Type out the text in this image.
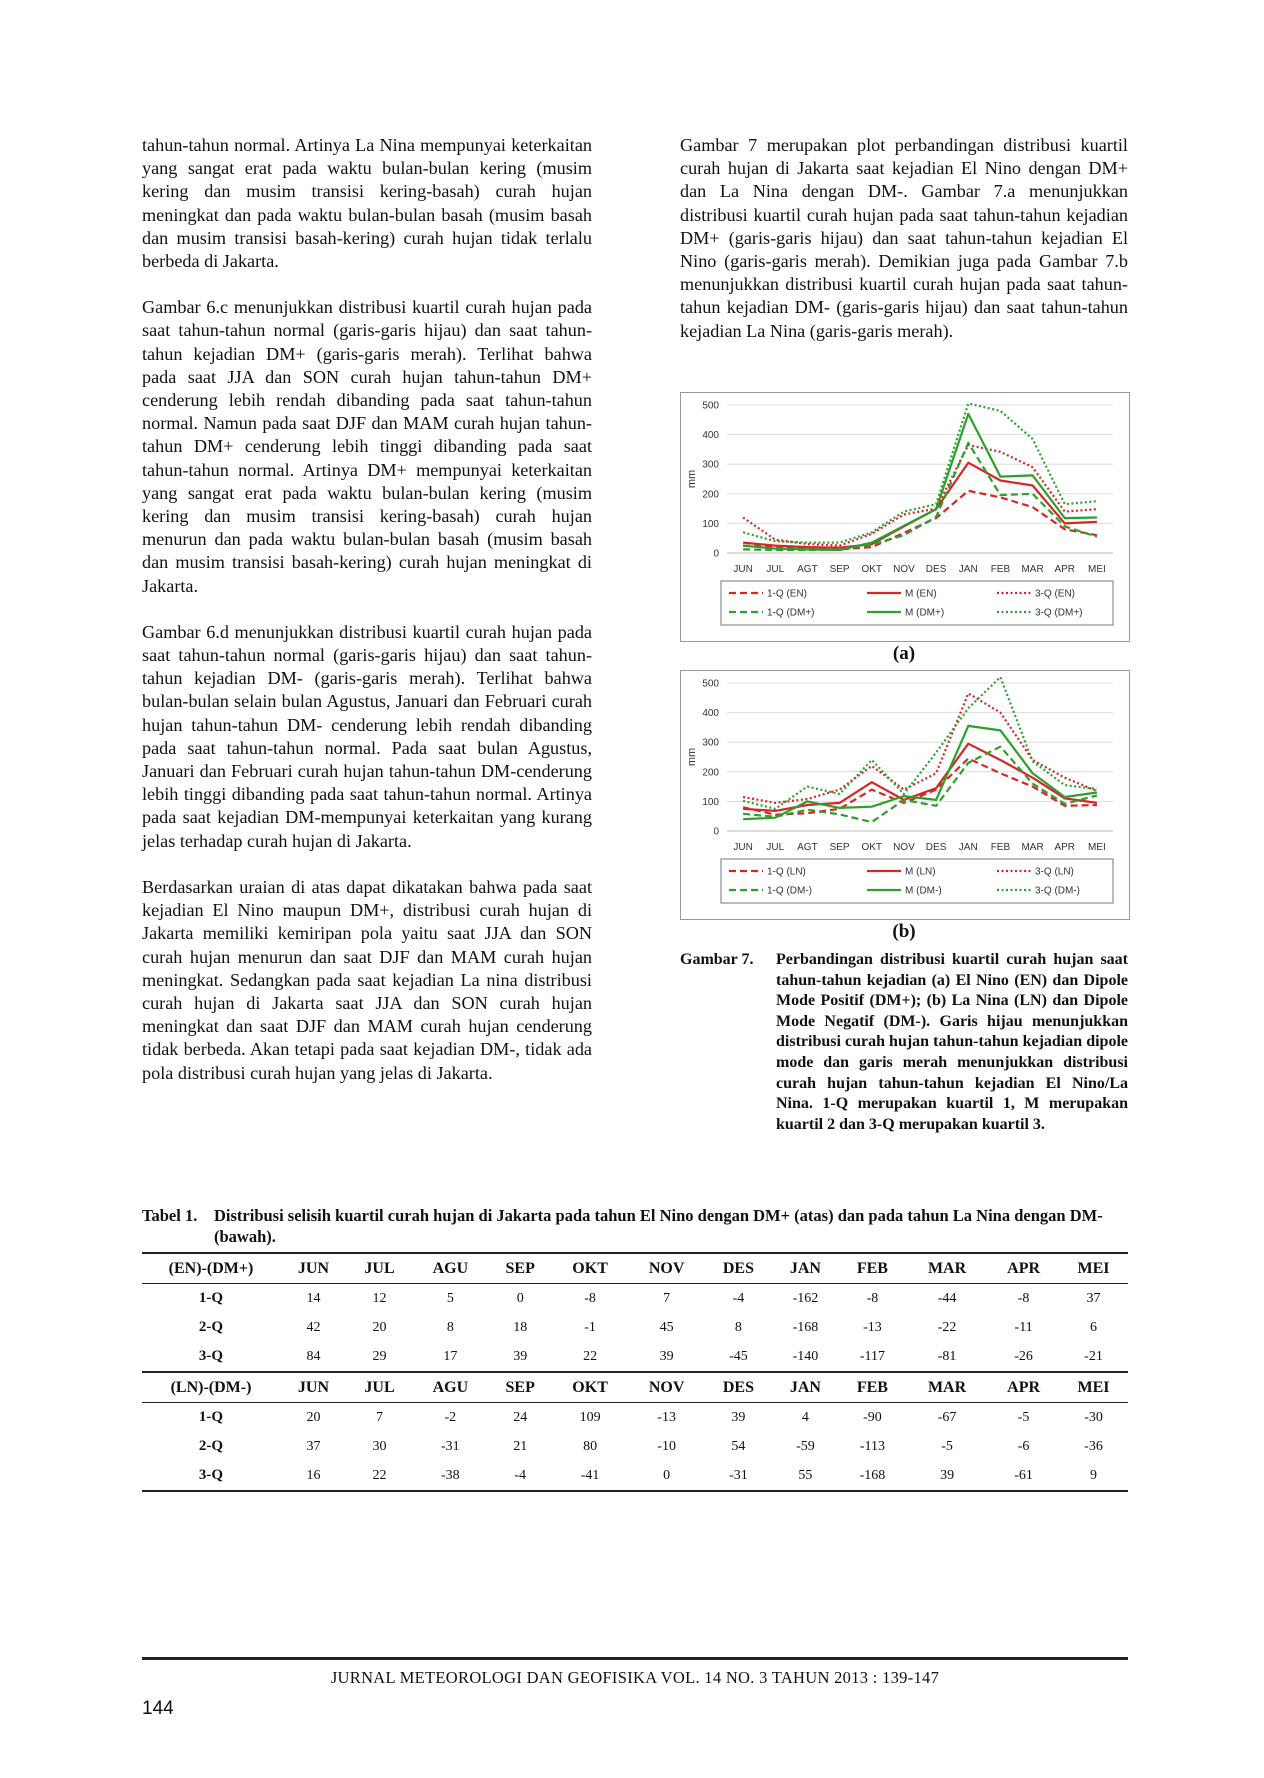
tahun-tahun normal. Artinya La Nina mempunyai keterkaitan yang sangat erat pada waktu bulan-bulan kering (musim kering dan musim transisi kering-basah) curah hujan meningkat dan pada waktu bulan-bulan basah (musim basah dan musim transisi basah-kering) curah hujan tidak terlalu berbeda di Jakarta.

Gambar 6.c menunjukkan distribusi kuartil curah hujan pada saat tahun-tahun normal (garis-garis hijau) dan saat tahun-tahun kejadian DM+ (garis-garis merah). Terlihat bahwa pada saat JJA dan SON curah hujan tahun-tahun DM+ cenderung lebih rendah dibanding pada saat tahun-tahun normal. Namun pada saat DJF dan MAM curah hujan tahun-tahun DM+ cenderung lebih tinggi dibanding pada saat tahun-tahun normal. Artinya DM+ mempunyai keterkaitan yang sangat erat pada waktu bulan-bulan kering (musim kering dan musim transisi kering-basah) curah hujan menurun dan pada waktu bulan-bulan basah (musim basah dan musim transisi basah-kering) curah hujan meningkat di Jakarta.

Gambar 6.d menunjukkan distribusi kuartil curah hujan pada saat tahun-tahun normal (garis-garis hijau) dan saat tahun-tahun kejadian DM- (garis-garis merah). Terlihat bahwa bulan-bulan selain bulan Agustus, Januari dan Februari curah hujan tahun-tahun DM- cenderung lebih rendah dibanding pada saat tahun-tahun normal. Pada saat bulan Agustus, Januari dan Februari curah hujan tahun-tahun DM-cenderung lebih tinggi dibanding pada saat tahun-tahun normal. Artinya pada saat kejadian DM-mempunyai keterkaitan yang kurang jelas terhadap curah hujan di Jakarta.

Berdasarkan uraian di atas dapat dikatakan bahwa pada saat kejadian El Nino maupun DM+, distribusi curah hujan di Jakarta memiliki kemiripan pola yaitu saat JJA dan SON curah hujan menurun dan saat DJF dan MAM curah hujan meningkat. Sedangkan pada saat kejadian La nina distribusi curah hujan di Jakarta saat JJA dan SON curah hujan meningkat dan saat DJF dan MAM curah hujan cenderung tidak berbeda. Akan tetapi pada saat kejadian DM-, tidak ada pola distribusi curah hujan yang jelas di Jakarta.

Gambar 7 merupakan plot perbandingan distribusi kuartil curah hujan di Jakarta saat kejadian El Nino dengan DM+ dan La Nina dengan DM-. Gambar 7.a menunjukkan distribusi kuartil curah hujan pada saat tahun-tahun kejadian DM+ (garis-garis hijau) dan saat tahun-tahun kejadian El Nino (garis-garis merah). Demikian juga pada Gambar 7.b menunjukkan distribusi kuartil curah hujan pada saat tahun-tahun kejadian DM- (garis-garis hijau) dan saat tahun-tahun kejadian La Nina (garis-garis merah).

0
100
200
300
400
500
mm
JUN JUL AGT SEP OKT NOV DES JAN FEB MAR APR MEI
1-Q (EN)	M (EN)	3-Q (EN)
1-Q (DM+)	M (DM+)	3-Q (DM+)
(a)
0
100
200
300
400
500
mm
JUN JUL AGT SEP OKT NOV DES JAN FEB MAR APR MEI
1-Q (LN)	M (LN)	3-Q (LN)
1-Q (DM-)	M (DM-)	3-Q (DM-)
(b)
Gambar 7. Perbandingan distribusi kuartil curah hujan saat tahun-tahun kejadian (a) El Nino (EN) dan Dipole Mode Positif (DM+); (b) La Nina (LN) dan Dipole Mode Negatif (DM-). Garis hijau menunjukkan distribusi curah hujan tahun-tahun kejadian dipole mode dan garis merah menunjukkan distribusi curah hujan tahun-tahun kejadian El Nino/La Nina. 1-Q merupakan kuartil 1, M merupakan kuartil 2 dan 3-Q merupakan kuartil 3.
Tabel 1. Distribusi selisih kuartil curah hujan di Jakarta pada tahun El Nino dengan DM+ (atas) dan pada tahun La Nina dengan DM- (bawah).
(EN)-(DM+)	JUN	JUL	AGU	SEP	OKT	NOV	DES	JAN	FEB	MAR	APR	MEI
1-Q	14	12	5	0	-8	7	-4	-162	-8	-44	-8	37
2-Q	42	20	8	18	-1	45	8	-168	-13	-22	-11	6
3-Q	84	29	17	39	22	39	-45	-140	-117	-81	-26	-21
(LN)-(DM-)	JUN	JUL	AGU	SEP	OKT	NOV	DES	JAN	FEB	MAR	APR	MEI
1-Q	20	7	-2	24	109	-13	39	4	-90	-67	-5	-30
2-Q	37	30	-31	21	80	-10	54	-59	-113	-5	-6	-36
3-Q	16	22	-38	-4	-41	0	-31	55	-168	39	-61	9
JURNAL METEOROLOGI DAN GEOFISIKA VOL. 14 NO. 3 TAHUN 2013 : 139-147
144
